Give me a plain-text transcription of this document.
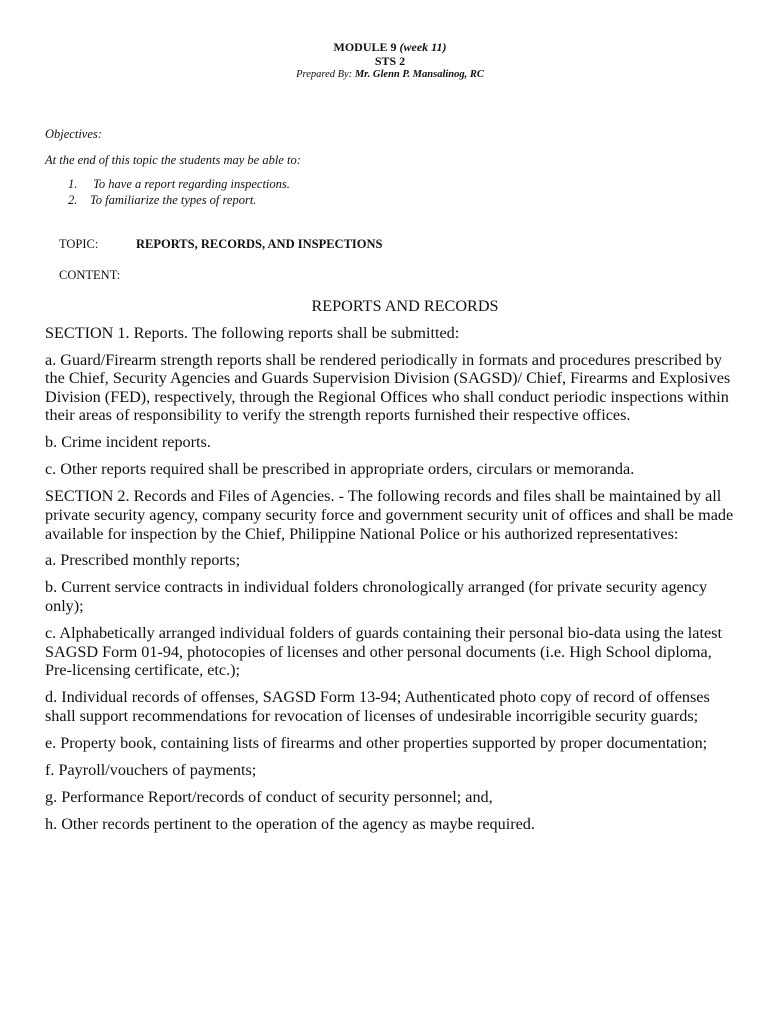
MODULE 9 (week 11)
STS 2
Prepared By: Mr. Glenn P. Mansalinog, RC
Objectives:
At the end of this topic the students may be able to:
1. To have a report regarding inspections.
2. To familiarize the types of report.
TOPIC:	REPORTS, RECORDS, AND INSPECTIONS
CONTENT:
REPORTS AND RECORDS

SECTION 1. Reports. The following reports shall be submitted:

a. Guard/Firearm strength reports shall be rendered periodically in formats and procedures prescribed by the Chief, Security Agencies and Guards Supervision Division (SAGSD)/ Chief, Firearms and Explosives Division (FED), respectively, through the Regional Offices who shall conduct periodic inspections within their areas of responsibility to verify the strength reports furnished their respective offices.

b. Crime incident reports.

c. Other reports required shall be prescribed in appropriate orders, circulars or memoranda.

SECTION 2. Records and Files of Agencies. - The following records and files shall be maintained by all private security agency, company security force and government security unit of offices and shall be made available for inspection by the Chief, Philippine National Police or his authorized representatives:

a. Prescribed monthly reports;

b. Current service contracts in individual folders chronologically arranged (for private security agency only);

c. Alphabetically arranged individual folders of guards containing their personal bio-data using the latest SAGSD Form 01-94, photocopies of licenses and other personal documents (i.e. High School diploma, Pre-licensing certificate, etc.);

d. Individual records of offenses, SAGSD Form 13-94; Authenticated photo copy of record of offenses shall support recommendations for revocation of licenses of undesirable incorrigible security guards;

e. Property book, containing lists of firearms and other properties supported by proper documentation;

f. Payroll/vouchers of payments;

g. Performance Report/records of conduct of security personnel; and,

h. Other records pertinent to the operation of the agency as maybe required.
